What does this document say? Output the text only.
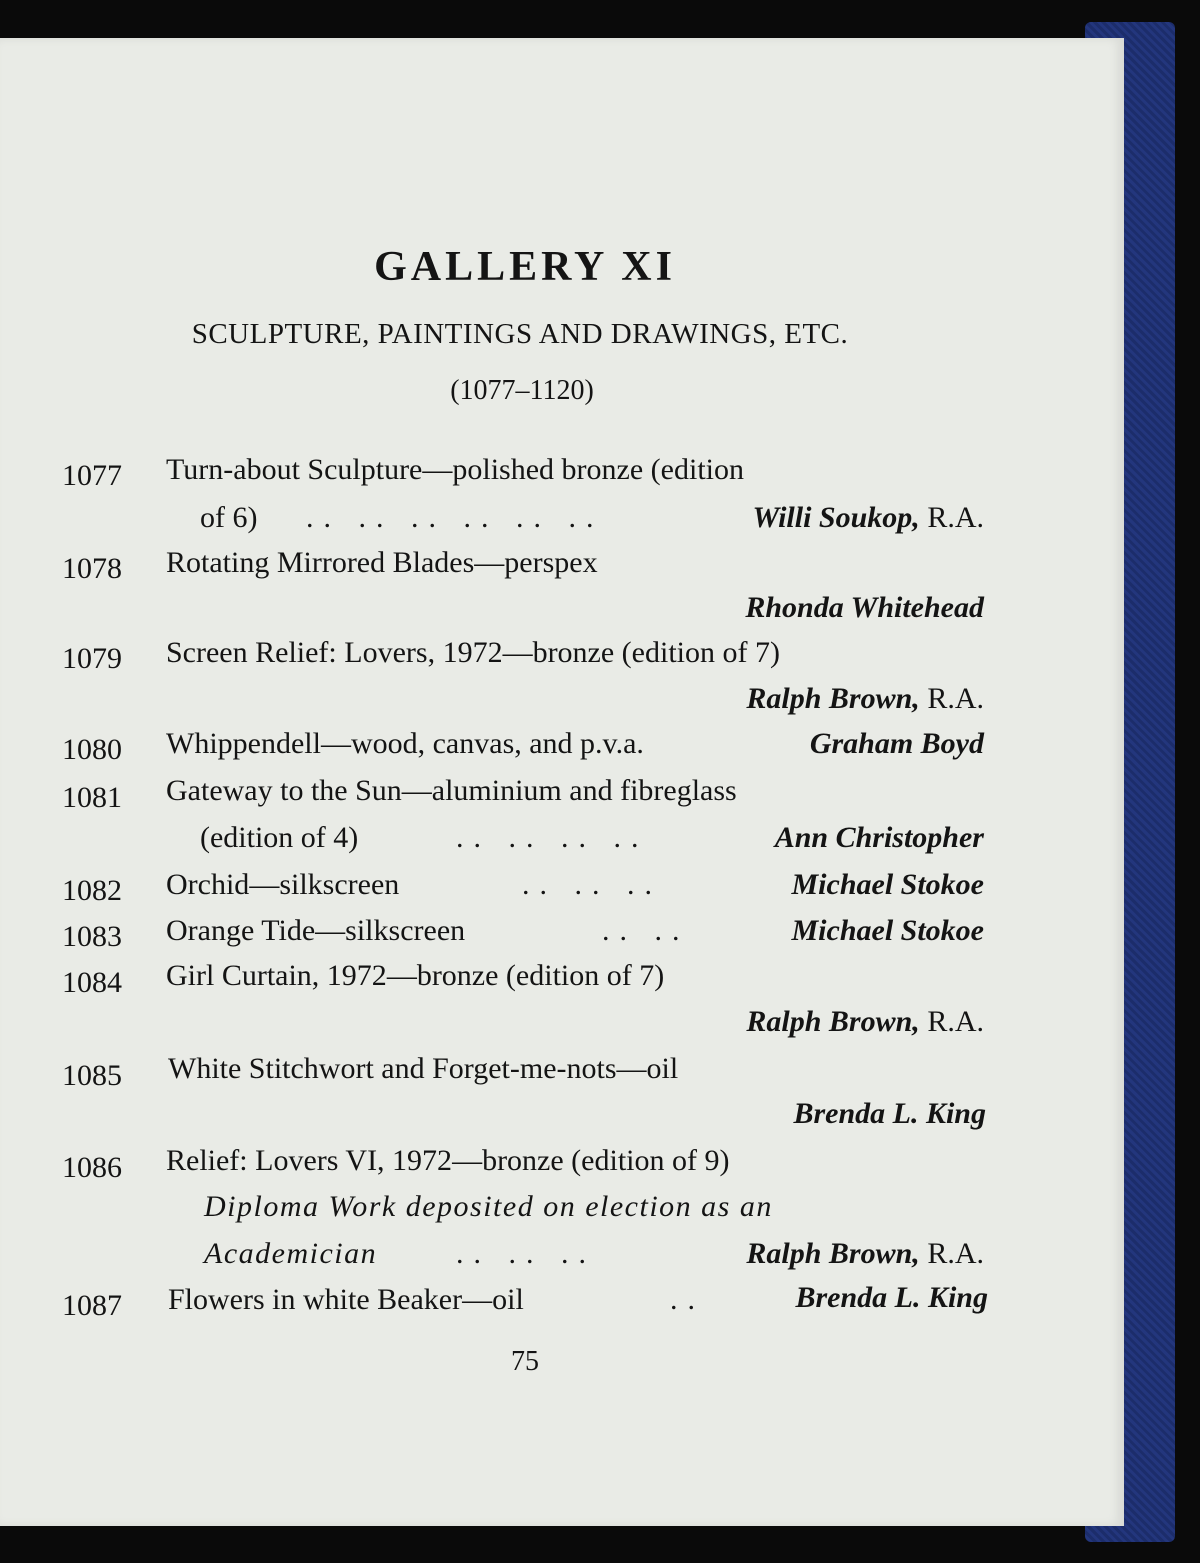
GALLERY XI
SCULPTURE, PAINTINGS AND DRAWINGS, ETC.
(1077–1120)
1077 Turn-about Sculpture—polished bronze (edition
of 6) .. .. .. .. .. ..	Willi Soukop, R.A.
1078 Rotating Mirrored Blades—perspex
Rhonda Whitehead
1079 Screen Relief: Lovers, 1972—bronze (edition of 7)
Ralph Brown, R.A.
1080 Whippendell—wood, canvas, and p.v.a.	Graham Boyd
1081 Gateway to the Sun—aluminium and fibreglass
(edition of 4)	.. .. .. ..	Ann Christopher
1082 Orchid—silkscreen	.. .. ..	Michael Stokoe
1083 Orange Tide—silkscreen	.. ..	Michael Stokoe
1084 Girl Curtain, 1972—bronze (edition of 7)
Ralph Brown, R.A.
1085 White Stitchwort and Forget-me-nots—oil
Brenda L. King
1086 Relief: Lovers VI, 1972—bronze (edition of 9)
Diploma Work deposited on election as an
Academician	.. .. ..	Ralph Brown, R.A.
1087 Flowers in white Beaker—oil	..	Brenda L. King
75
